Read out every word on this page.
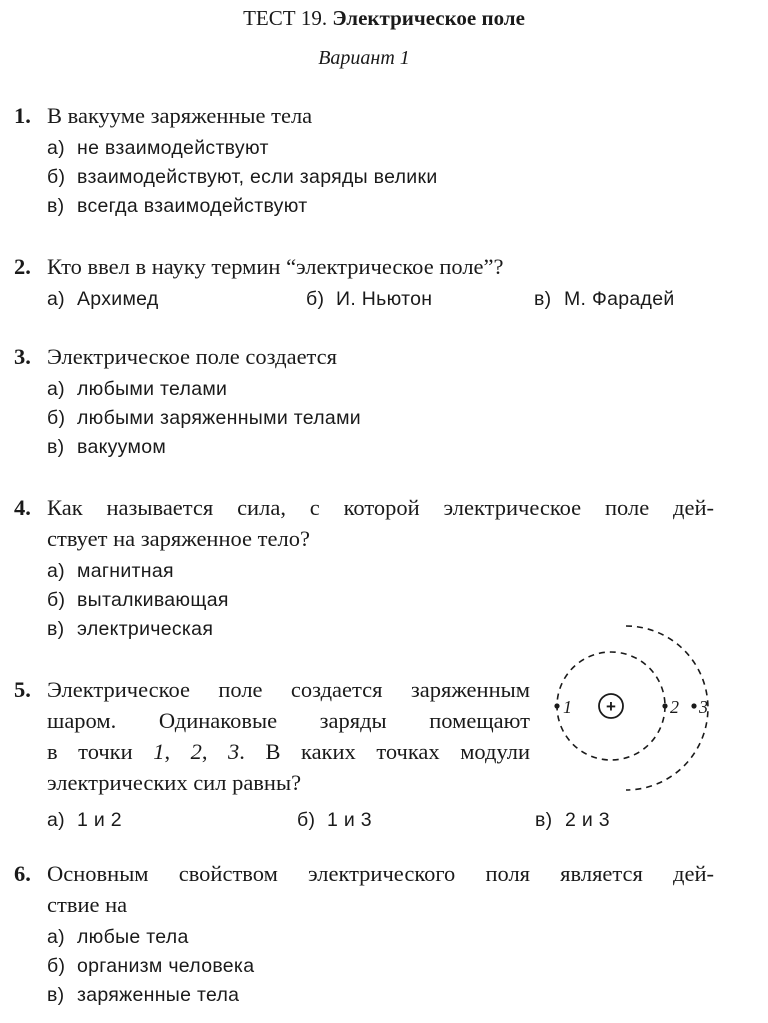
ТЕСТ 19. Электрическое поле
Вариант 1
1. В вакууме заряженные тела
а) не взаимодействуют
б) взаимодействуют, если заряды велики
в) всегда взаимодействуют
2. Кто ввел в науку термин “электрическое поле”?
а) Архимед	б) И. Ньютон	в) М. Фарадей
3. Электрическое поле создается
а) любыми телами
б) любыми заряженными телами
в) вакуумом
4. Как называется сила, с которой электрическое поле дей-
ствует на заряженное тело?
а) магнитная
б) выталкивающая
в) электрическая
5. Электрическое поле создается заряженным
шаром. Одинаковые заряды помещают
в точки 1, 2, 3. В каких точках модули
электрических сил равны?
а) 1 и 2	б) 1 и 3	в) 2 и 3
+
1	2 3
6. Основным свойством электрического поля является дей-
ствие на
а) любые тела
б) организм человека
в) заряженные тела
